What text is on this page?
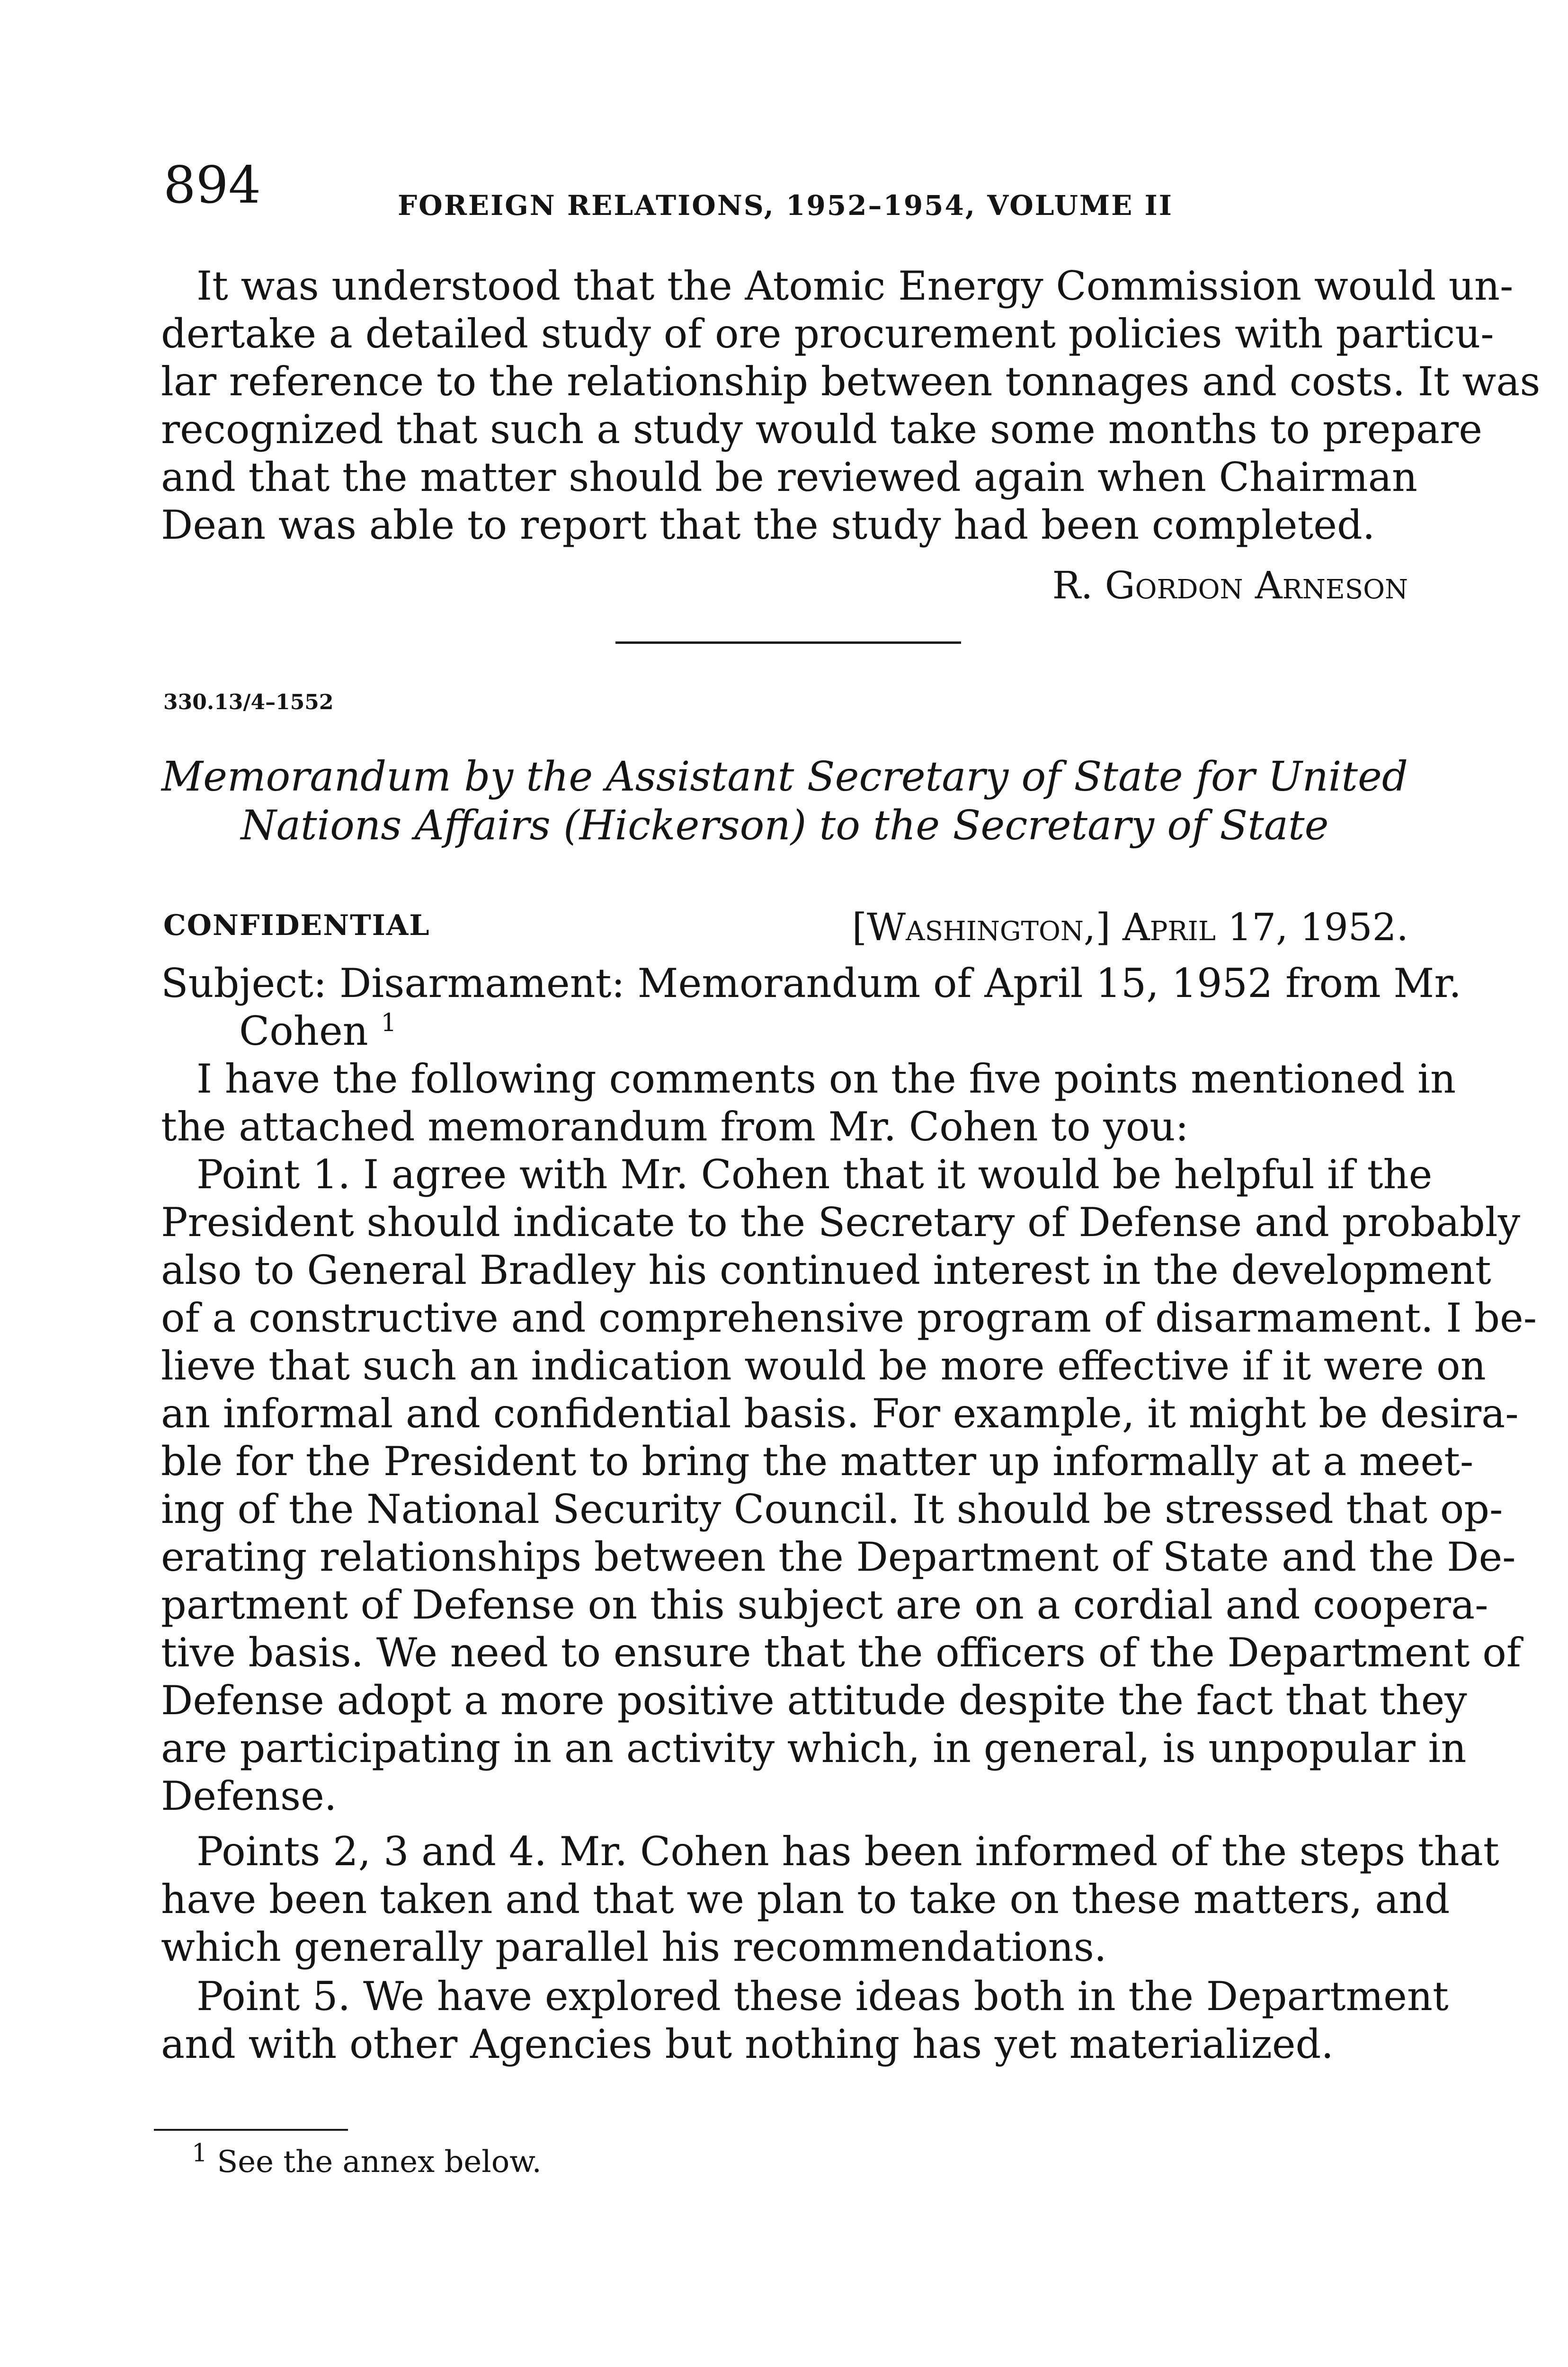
894	FOREIGN RELATIONS, 1952–1954, VOLUME II
It was understood that the Atomic Energy Commission would un-
dertake a detailed study of ore procurement policies with particu-
lar reference to the relationship between tonnages and costs. It was
recognized that such a study would take some months to prepare
and that the matter should be reviewed again when Chairman
Dean was able to report that the study had been completed.
R. Gordon Arneson
330.13/4–1552
Memorandum by the Assistant Secretary of State for United
Nations Affairs (Hickerson) to the Secretary of State
CONFIDENTIAL	[Washington,] April 17, 1952.
Subject: Disarmament: Memorandum of April 15, 1952 from Mr.
Cohen $^1$
I have the following comments on the five points mentioned in
the attached memorandum from Mr. Cohen to you:
Point 1. I agree with Mr. Cohen that it would be helpful if the
President should indicate to the Secretary of Defense and probably
also to General Bradley his continued interest in the development
of a constructive and comprehensive program of disarmament. I be-
lieve that such an indication would be more effective if it were on
an informal and confidential basis. For example, it might be desira-
ble for the President to bring the matter up informally at a meet-
ing of the National Security Council. It should be stressed that op-
erating relationships between the Department of State and the De-
partment of Defense on this subject are on a cordial and coopera-
tive basis. We need to ensure that the officers of the Department of
Defense adopt a more positive attitude despite the fact that they
are participating in an activity which, in general, is unpopular in
Defense.
Points 2, 3 and 4. Mr. Cohen has been informed of the steps that
have been taken and that we plan to take on these matters, and
which generally parallel his recommendations.
Point 5. We have explored these ideas both in the Department
and with other Agencies but nothing has yet materialized.
$^1$ See the annex below.
